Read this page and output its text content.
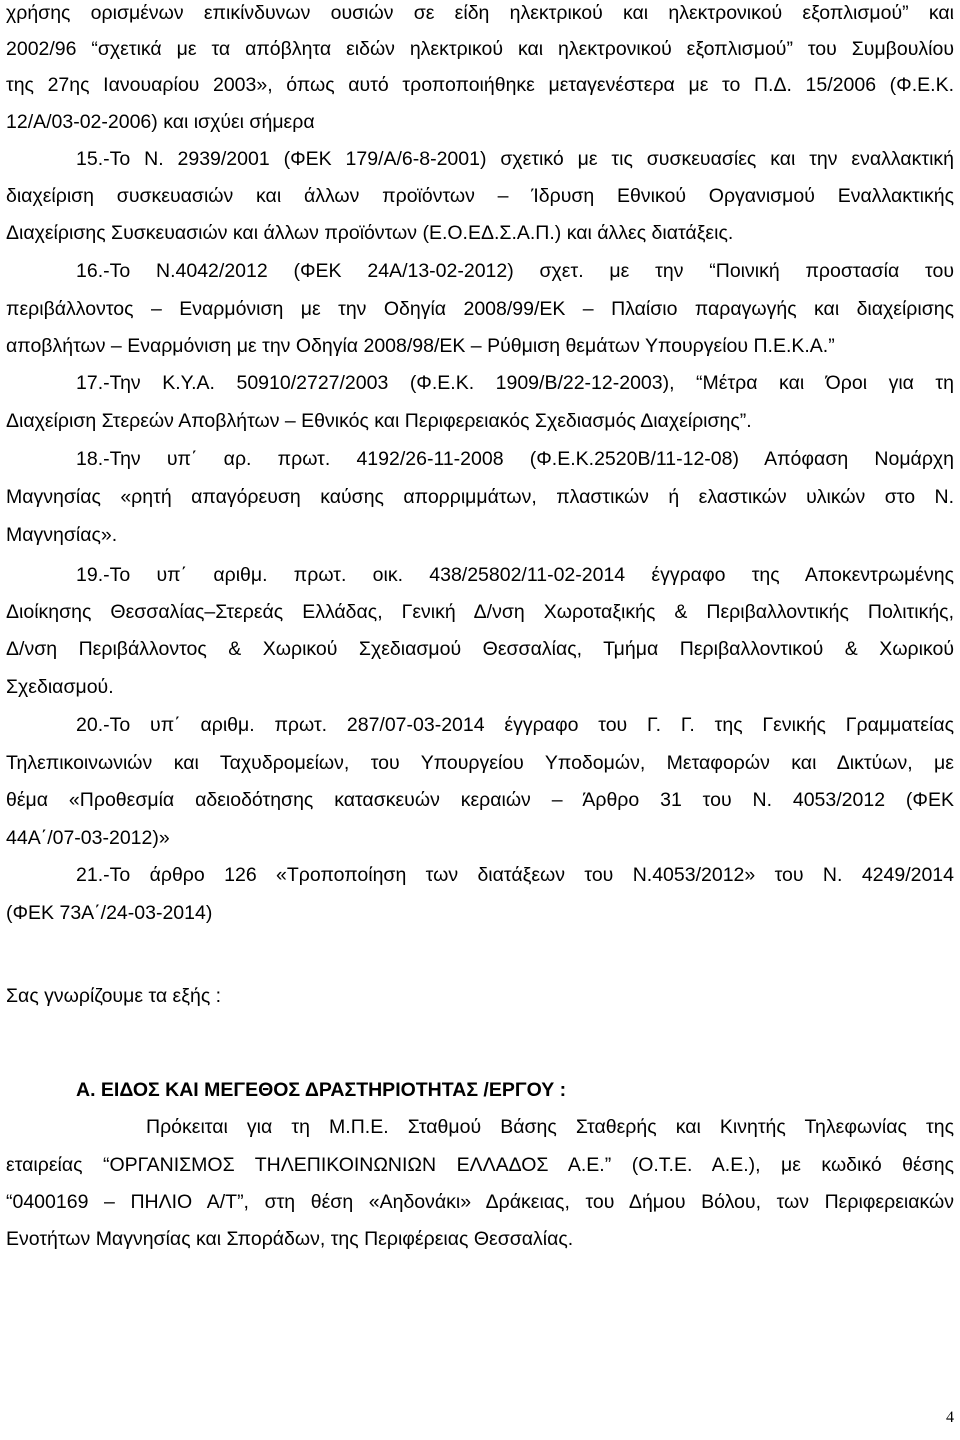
χρήσης ορισμένων επικίνδυνων ουσιών σε είδη ηλεκτρικού και ηλεκτρονικού εξοπλισμού” και
2002/96 “σχετικά με τα απόβλητα ειδών ηλεκτρικού και ηλεκτρονικού εξοπλισμού” του Συμβουλίου
της 27ης Ιανουαρίου 2003», όπως αυτό τροποποιήθηκε μεταγενέστερα με το Π.Δ. 15/2006 (Φ.Ε.Κ.
12/Α/03-02-2006) και ισχύει σήμερα
15.-Το Ν. 2939/2001 (ΦΕΚ 179/Α/6-8-2001) σχετικό με τις συσκευασίες και την εναλλακτική
διαχείριση συσκευασιών και άλλων προϊόντων – Ίδρυση Εθνικού Οργανισμού Εναλλακτικής
Διαχείρισης Συσκευασιών και άλλων προϊόντων (Ε.Ο.ΕΔ.Σ.Α.Π.) και άλλες διατάξεις.
16.-Το Ν.4042/2012 (ΦΕΚ 24Α/13-02-2012) σχετ. με την “Ποινική προστασία του
περιβάλλοντος – Εναρμόνιση με την Οδηγία 2008/99/ΕΚ – Πλαίσιο παραγωγής και διαχείρισης
αποβλήτων – Εναρμόνιση με την Οδηγία 2008/98/ΕΚ – Ρύθμιση θεμάτων Υπουργείου Π.Ε.Κ.Α.”
17.-Την Κ.Υ.Α. 50910/2727/2003 (Φ.Ε.Κ. 1909/Β/22-12-2003), “Μέτρα και Όροι για τη
Διαχείριση Στερεών Αποβλήτων – Εθνικός και Περιφερειακός Σχεδιασμός Διαχείρισης”.
18.-Την υπ΄ αρ. πρωτ. 4192/26-11-2008 (Φ.Ε.Κ.2520Β/11-12-08) Απόφαση Νομάρχη
Μαγνησίας «ρητή απαγόρευση καύσης απορριμμάτων, πλαστικών ή ελαστικών υλικών στο Ν.
Μαγνησίας».
19.-Το υπ΄ αριθμ. πρωτ. οικ. 438/25802/11-02-2014 έγγραφο της Αποκεντρωμένης
Διοίκησης Θεσσαλίας–Στερεάς Ελλάδας, Γενική Δ/νση Χωροταξικής & Περιβαλλοντικής Πολιτικής,
Δ/νση Περιβάλλοντος & Χωρικού Σχεδιασμού Θεσσαλίας, Τμήμα Περιβαλλοντικού & Χωρικού
Σχεδιασμού.
20.-Το υπ΄ αριθμ. πρωτ. 287/07-03-2014 έγγραφο του Γ. Γ. της Γενικής Γραμματείας
Τηλεπικοινωνιών και Ταχυδρομείων, του Υπουργείου Υποδομών, Μεταφορών και Δικτύων, με
θέμα «Προθεσμία αδειοδότησης κατασκευών κεραιών – Άρθρο 31 του Ν. 4053/2012 (ΦΕΚ
44Α΄/07-03-2012)»
21.-Το άρθρο 126 «Τροποποίηση των διατάξεων του Ν.4053/2012» του Ν. 4249/2014
(ΦΕΚ 73Α΄/24-03-2014)
Σας γνωρίζουμε τα εξής :
Α. ΕΙΔΟΣ ΚΑΙ ΜΕΓΕΘΟΣ ΔΡΑΣΤΗΡΙΟΤΗΤΑΣ /ΕΡΓΟΥ :
Πρόκειται για τη Μ.Π.Ε. Σταθμού Βάσης Σταθερής και Κινητής Τηλεφωνίας της
εταιρείας “ΟΡΓΑΝΙΣΜΟΣ ΤΗΛΕΠΙΚΟΙΝΩΝΙΩΝ ΕΛΛΑΔΟΣ Α.Ε.” (Ο.Τ.Ε. Α.Ε.), με κωδικό θέσης
“0400169 – ΠΗΛΙΟ Α/Τ”, στη θέση «Αηδονάκι» Δράκειας, του Δήμου Βόλου, των Περιφερειακών
Ενοτήτων Μαγνησίας και Σποράδων, της Περιφέρειας Θεσσαλίας.
4
